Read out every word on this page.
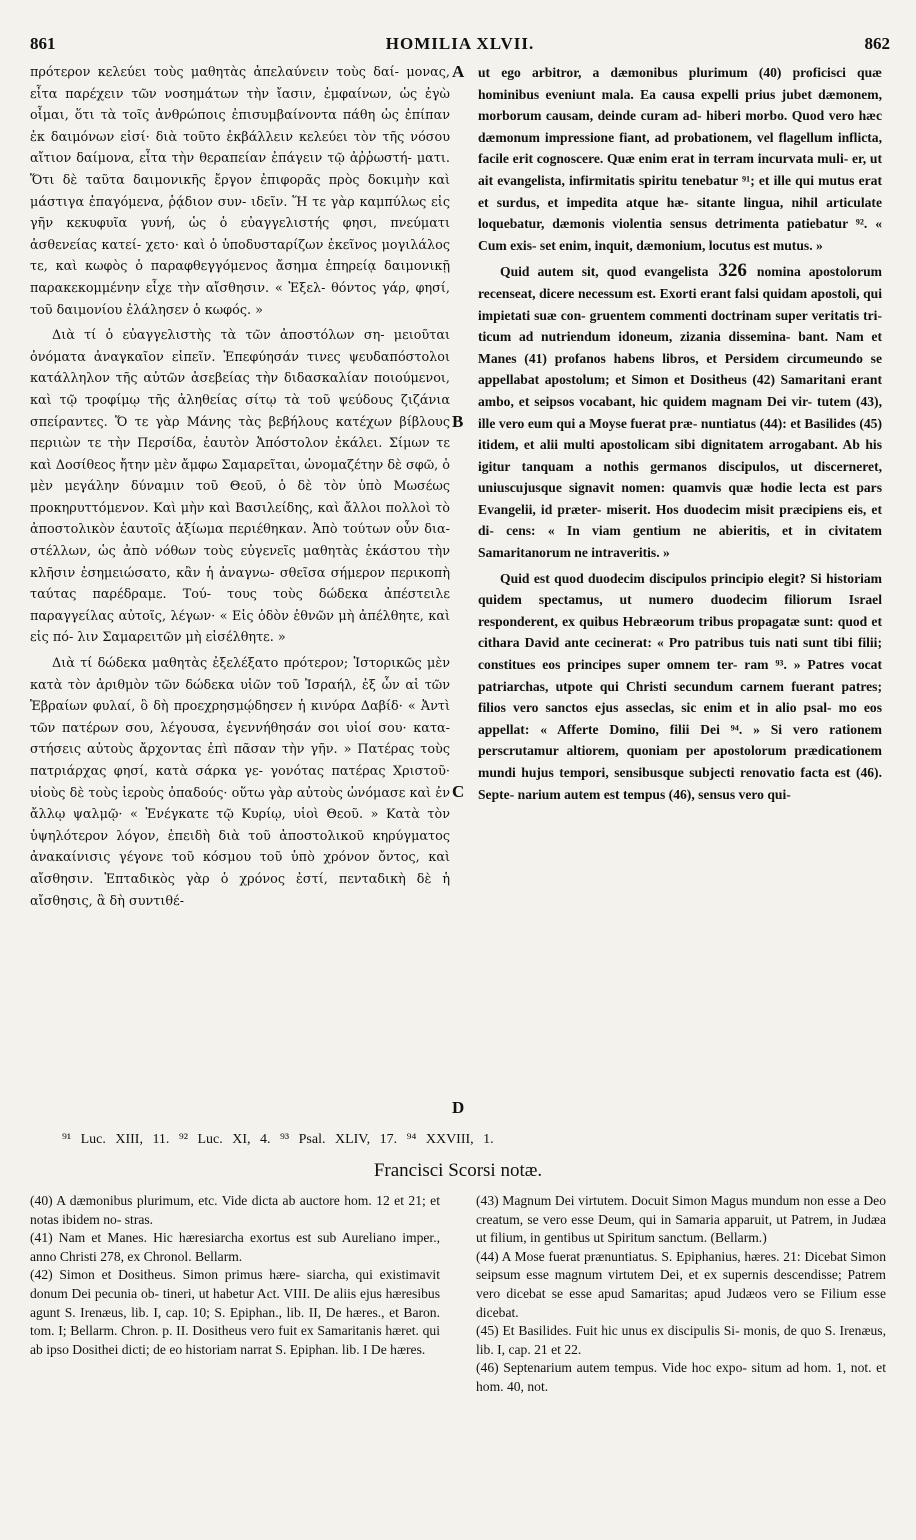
861	HOMILIA XLVII.	862

πρότερον κελεύει τοὺς μαθητὰς ἀπελαύνειν τοὺς δαί- μονας, εἶτα παρέχειν τῶν νοσημάτων τὴν ἴασιν, ἐμφαίνων, ὡς ἐγὼ οἶμαι, ὅτι τὰ τοῖς ἀνθρώποις ἐπισυμβαίνοντα πάθη ὡς ἐπίπαν ἐκ δαιμόνων εἰσί· διὰ τοῦτο ἐκβάλλειν κελεύει τὸν τῆς νόσου αἴτιον δαίμονα, εἶτα τὴν θεραπείαν ἐπάγειν τῷ ἀῤῥωστή- ματι. Ὅτι δὲ ταῦτα δαιμονικῆς ἔργον ἐπιφορᾶς πρὸς δοκιμὴν καὶ μάστιγα ἐπαγόμενα, ῥᾴδιον συν- ιδεῖν. Ἥ τε γὰρ καμπύλως εἰς γῆν κεκυφυῖα γυνή, ὡς ὁ εὐαγγελιστής φησι, πνεύματι ἀσθενείας κατεί- χετο· καὶ ὁ ὑποδυσταρίζων ἐκεῖνος μογιλάλος τε, καὶ κωφὸς ὁ παραφθεγγόμενος ἄσημα ἐπηρείᾳ δαιμονικῇ παρακεκομμένην εἶχε τὴν αἴσθησιν. « Ἐξελ- θόντος γάρ, φησί, τοῦ δαιμονίου ἐλάλησεν ὁ κωφός. »

Διὰ τί ὁ εὐαγγελιστὴς τὰ τῶν ἀποστόλων ση- μειοῦται ὀνόματα ἀναγκαῖον εἰπεῖν. Ἐπεφύησάν τινες ψευδαπόστολοι κατάλληλον τῆς αὐτῶν ἀσεβείας τὴν διδασκαλίαν ποιούμενοι, καὶ τῷ τροφίμῳ τῆς ἀληθείας σίτῳ τὰ τοῦ ψεύδους ζιζάνια σπείραντες. Ὅ τε γὰρ Μάνης τὰς βεβήλους κατέχων βίβλους περιιὼν τε τὴν Περσίδα, ἑαυτὸν Ἀπόστολον ἐκάλει. Σίμων τε καὶ Δοσίθεος ἤτην μὲν ἄμφω Σαμαρεῖται, ὠνομαζέτην δὲ σφῶ, ὁ μὲν μεγάλην δύναμιν τοῦ Θεοῦ, ὁ δὲ τὸν ὑπὸ Μωσέως προκηρυττόμενον. Καὶ μὴν καὶ Βασιλείδης, καὶ ἄλλοι πολλοὶ τὸ ἀποστολικὸν ἑαυτοῖς ἀξίωμα περιέθηκαν. Ἀπὸ τούτων οὖν δια- στέλλων, ὡς ἀπὸ νόθων τοὺς εὐγενεῖς μαθητὰς ἑκάστου τὴν κλῆσιν ἐσημειώσατο, κἂν ἡ ἀναγνω- σθεῖσα σήμερον περικοπὴ ταύτας παρέδραμε. Τού- τους τοὺς δώδεκα ἀπέστειλε παραγγείλας αὐτοῖς, λέγων· « Εἰς ὁδὸν ἐθνῶν μὴ ἀπέλθητε, καὶ εἰς πό- λιν Σαμαρειτῶν μὴ εἰσέλθητε. »

Διὰ τί δώδεκα μαθητὰς ἐξελέξατο πρότερον; Ἱστορικῶς μὲν κατὰ τὸν ἀριθμὸν τῶν δώδεκα υἱῶν τοῦ Ἰσραήλ, ἐξ ὧν αἱ τῶν Ἑβραίων φυλαί, ὃ δὴ προεχρησμῴδησεν ἡ κινύρα Δαβίδ· « Ἀντὶ τῶν πατέρων σου, λέγουσα, ἐγεννήθησάν σοι υἱοί σου· κατα- στήσεις αὐτοὺς ἄρχοντας ἐπὶ πᾶσαν τὴν γῆν. » Πατέρας τοὺς πατριάρχας φησί, κατὰ σάρκα γε- γονότας πατέρας Χριστοῦ· υἱοὺς δὲ τοὺς ἱεροὺς ὀπαδούς· οὕτω γὰρ αὐτοὺς ὠνόμασε καὶ ἐν ἄλλῳ ψαλμῷ· « Ἐνέγκατε τῷ Κυρίῳ, υἱοὶ Θεοῦ. » Κατὰ τὸν ὑψηλότερον λόγον, ἐπειδὴ διὰ τοῦ ἀποστολικοῦ κηρύγματος ἀνακαίνισις γέγονε τοῦ κόσμου τοῦ ὑπὸ χρόνον ὄντος, καὶ αἴσθησιν. Ἑπταδικὸς γὰρ ὁ χρόνος ἐστί, πενταδικὴ δὲ ἡ αἴσθησις, ἃ δὴ συντιθέ-

A
B
C
D

ut ego arbitror, a dæmonibus plurimum (40) proficisci quæ hominibus eveniunt mala. Ea causa expelli prius jubet dæmonem, morborum causam, deinde curam ad- hiberi morbo. Quod vero hæc dæmonum impressione fiant, ad probationem, vel flagellum inflicta, facile erit cognoscere. Quæ enim erat in terram incurvata muli- er, ut ait evangelista, infirmitatis spiritu tenebatur ⁹¹; et ille qui mutus erat et surdus, et impedita atque hæ- sitante lingua, nihil articulate loquebatur, dæmonis violentia sensus detrimenta patiebatur ⁹². « Cum exis- set enim, inquit, dæmonium, locutus est mutus. »

Quid autem sit, quod evangelista 326 nomina apostolorum recenseat, dicere necessum est. Exorti erant falsi quidam apostoli, qui impietati suæ con- gruentem commenti doctrinam super veritatis tri- ticum ad nutriendum idoneum, zizania dissemina- bant. Nam et Manes (41) profanos habens libros, et Persidem circumeundo se appellabat apostolum; et Simon et Dositheus (42) Samaritani erant ambo, et seipsos vocabant, hic quidem magnam Dei vir- tutem (43), ille vero eum qui a Moyse fuerat præ- nuntiatus (44): et Basilides (45) itidem, et alii multi apostolicam sibi dignitatem arrogabant. Ab his igitur tanquam a nothis germanos discipulos, ut discerneret, uniuscujusque signavit nomen: quamvis quæ hodie lecta est pars Evangelii, id præter- miserit. Hos duodecim misit præcipiens eis, et di- cens: « In viam gentium ne abieritis, et in civitatem Samaritanorum ne intraveritis. »

Quid est quod duodecim discipulos principio elegit? Si historiam quidem spectamus, ut numero duodecim filiorum Israel responderent, ex quibus Hebræorum tribus propagatæ sunt: quod et cithara David ante cecinerat: « Pro patribus tuis nati sunt tibi filii; constitues eos principes super omnem ter- ram ⁹³. » Patres vocat patriarchas, utpote qui Christi secundum carnem fuerant patres; filios vero sanctos ejus asseclas, sic enim et in alio psal- mo eos appellat: « Afferte Domino, filii Dei ⁹⁴. » Si vero rationem perscrutamur altiorem, quoniam per apostolorum prædicationem mundi hujus tempori, sensibusque subjecti renovatio facta est (46). Septe- narium autem est tempus (46), sensus vero qui-

⁹¹ Luc. XIII, 11. ⁹² Luc. XI, 4. ⁹³ Psal. XLIV, 17. ⁹⁴ XXVIII, 1.
Francisci Scorsi notæ.

(40) A dæmonibus plurimum, etc. Vide dicta ab auctore hom. 12 et 21; et notas ibidem no- stras.

(41) Nam et Manes. Hic hæresiarcha exortus est sub Aureliano imper., anno Christi 278, ex Chronol. Bellarm.

(42) Simon et Dositheus. Simon primus hære- siarcha, qui existimavit donum Dei pecunia ob- tineri, ut habetur Act. VIII. De aliis ejus hæresibus agunt S. Irenæus, lib. I, cap. 10; S. Epiphan., lib. II, De hæres., et Baron. tom. I; Bellarm. Chron. p. II. Dositheus vero fuit ex Samaritanis hæret. qui ab ipso Dosithei dicti; de eo historiam narrat S. Epiphan. lib. I De hæres.

(43) Magnum Dei virtutem. Docuit Simon Magus mundum non esse a Deo creatum, se vero esse Deum, qui in Samaria apparuit, ut Patrem, in Judæa ut filium, in gentibus ut Spiritum sanctum. (Bellarm.)

(44) A Mose fuerat prænuntiatus. S. Epiphanius, hæres. 21: Dicebat Simon seipsum esse magnum virtutem Dei, et ex supernis descendisse; Patrem vero dicebat se esse apud Samaritas; apud Judæos vero se Filium esse dicebat.

(45) Et Basilides. Fuit hic unus ex discipulis Si- monis, de quo S. Irenæus, lib. I, cap. 21 et 22.

(46) Septenarium autem tempus. Vide hoc expo- situm ad hom. 1, not. et hom. 40, not.
